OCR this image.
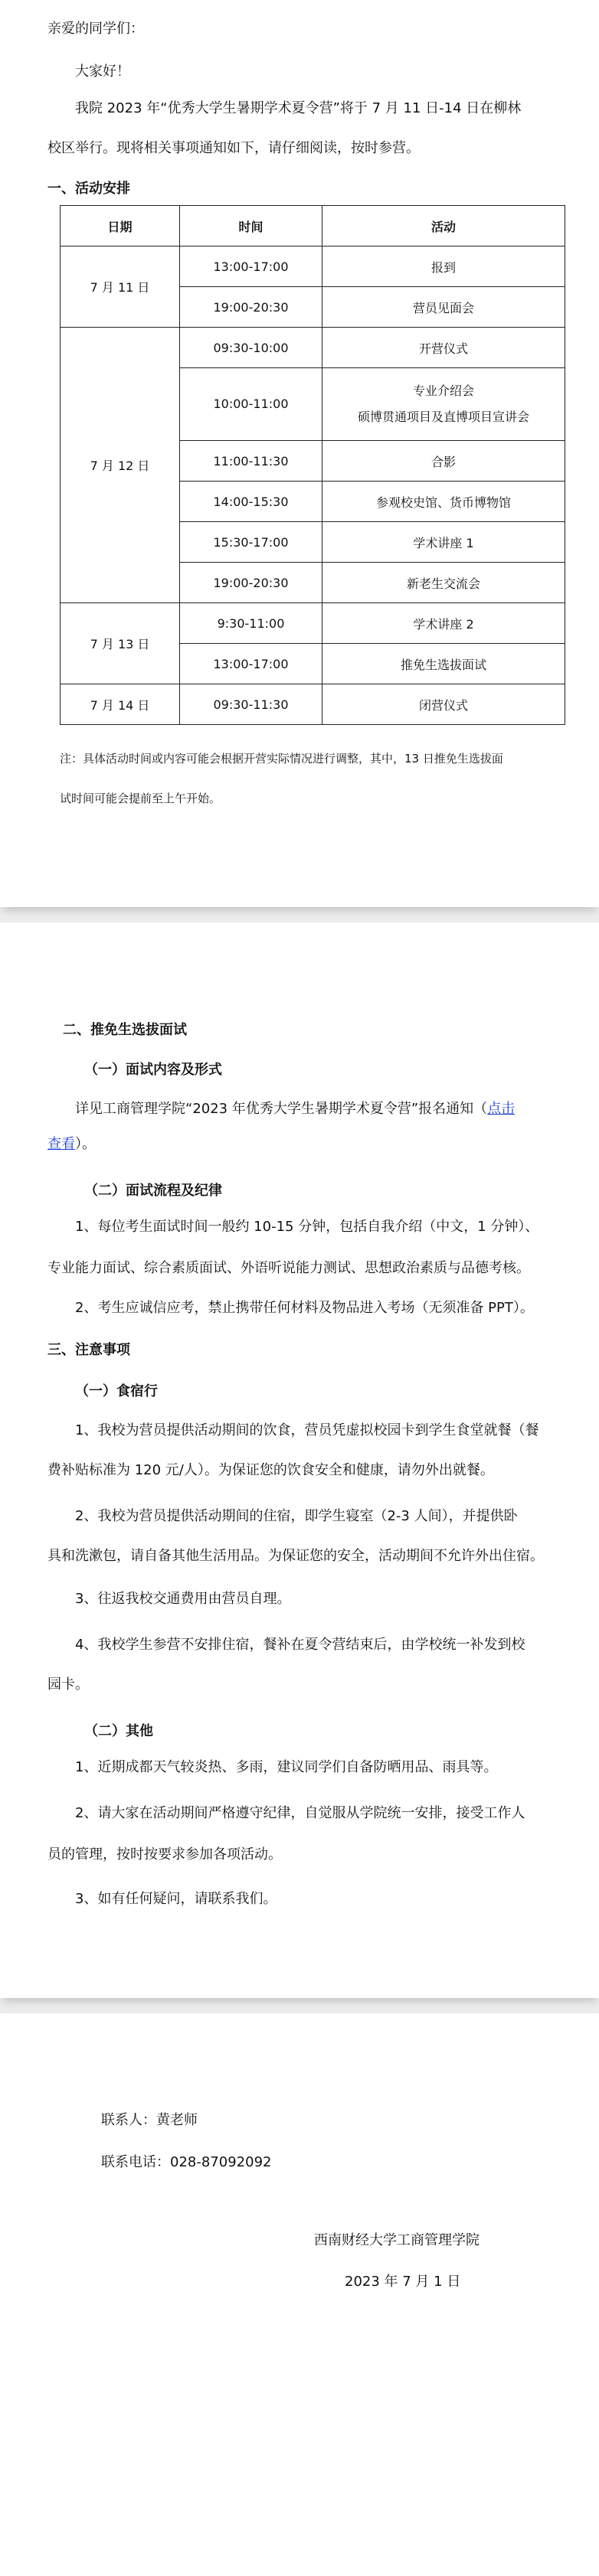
亲爱的同学们：

大家好！

我院 2023 年“优秀大学生暑期学术夏令营”将于 7 月 11 日-14 日在柳林

校区举行。现将相关事项通知如下，请仔细阅读，按时参营。

一、活动安排

日期	时间	活动
7 月 11 日	13:00-17:00	报到
	19:00-20:30	营员见面会
7 月 12 日	09:30-10:00	开营仪式
	10:00-11:00	专业介绍会
硕博贯通项目及直博项目宣讲会

	11:00-11:30	合影
	14:00-15:30	参观校史馆、货币博物馆
	15:30-17:00	学术讲座 1
	19:00-20:30	新老生交流会
7 月 13 日	9:30-11:00	学术讲座 2
	13:00-17:00	推免生选拔面试
7 月 14 日	09:30-11:30	闭营仪式
注：具体活动时间或内容可能会根据开营实际情况进行调整，其中，13 日推免生选拔面
试时间可能会提前至上午开始。

二、推免生选拔面试

（一）面试内容及形式

详见工商管理学院“2023 年优秀大学生暑期学术夏令营”报名通知（点击

查看）。

（二）面试流程及纪律

1、每位考生面试时间一般约 10-15 分钟，包括自我介绍（中文，1 分钟）、

专业能力面试、综合素质面试、外语听说能力测试、思想政治素质与品德考核。

2、考生应诚信应考，禁止携带任何材料及物品进入考场（无须准备 PPT）。

三、注意事项

（一）食宿行

1、我校为营员提供活动期间的饮食，营员凭虚拟校园卡到学生食堂就餐（餐

费补贴标准为 120 元/人）。为保证您的饮食安全和健康，请勿外出就餐。

2、我校为营员提供活动期间的住宿，即学生寝室（2-3 人间），并提供卧

具和洗漱包，请自备其他生活用品。为保证您的安全，活动期间不允许外出住宿。

3、往返我校交通费用由营员自理。

4、我校学生参营不安排住宿，餐补在夏令营结束后，由学校统一补发到校

园卡。

（二）其他

1、近期成都天气较炎热、多雨，建议同学们自备防晒用品、雨具等。

2、请大家在活动期间严格遵守纪律，自觉服从学院统一安排，接受工作人

员的管理，按时按要求参加各项活动。

3、如有任何疑问，请联系我们。

联系人：黄老师

联系电话：028-87092092

西南财经大学工商管理学院

2023 年 7 月 1 日
